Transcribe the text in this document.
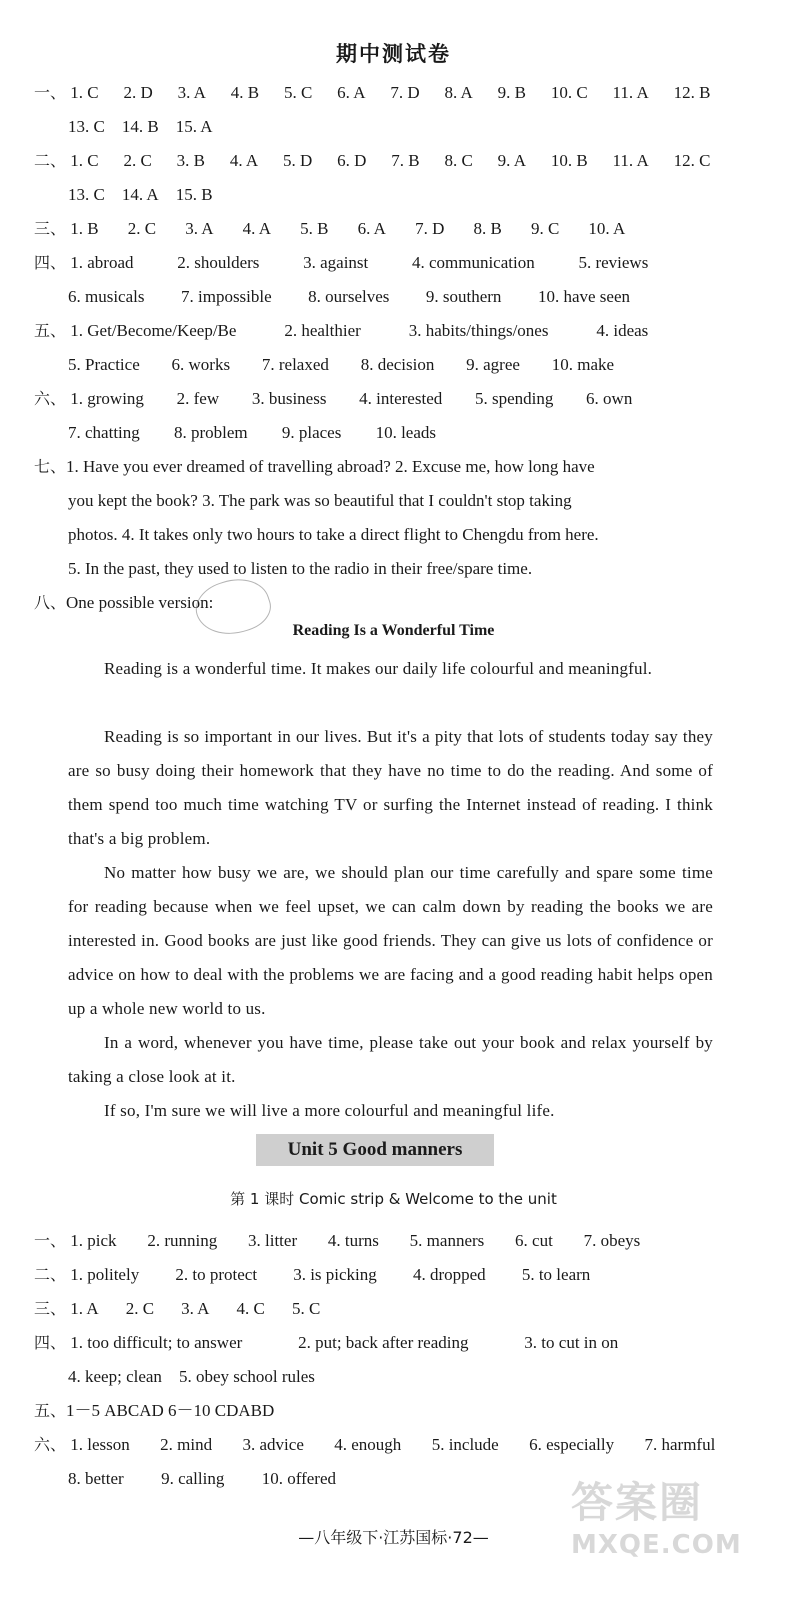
期中测试卷
一、 1. C 2. D 3. A 4. B 5. C 6. A 7. D 8. A 9. B 10. C 11. A 12. B
13. C 14. B 15. A
二、 1. C 2. C 3. B 4. A 5. D 6. D 7. B 8. C 9. A 10. B 11. A 12. C
13. C 14. A 15. B
三、 1. B 2. C 3. A 4. A 5. B 6. A 7. D 8. B 9. C 10. A
四、 1. abroad	2. shoulders	3. against	4. communication	5. reviews
6. musicals 7. impossible 8. ourselves 9. southern 10. have seen
五、 1. Get/Become/Keep/Be	2. healthier	3. habits/things/ones	4. ideas
5. Practice 6. works 7. relaxed 8. decision 9. agree 10. make
六、 1. growing 2. few 3. business 4. interested 5. spending 6. own
7. chatting 8. problem 9. places 10. leads
七、1. Have you ever dreamed of travelling abroad? 2. Excuse me, how long have
you kept the book? 3. The park was so beautiful that I couldn't stop taking
photos. 4. It takes only two hours to take a direct flight to Chengdu from here.
5. In the past, they used to listen to the radio in their free/spare time.
八、One possible version:
Reading Is a Wonderful Time
Reading is a wonderful time. It makes our daily life colourful and meaningful.
Reading is so important in our lives. But it's a pity that lots of students today say they are so busy doing their homework that they have no time to do the reading. And some of them spend too much time watching TV or surfing the Internet instead of reading. I think that's a big problem.
No matter how busy we are, we should plan our time carefully and spare some time for reading because when we feel upset, we can calm down by reading the books we are interested in. Good books are just like good friends. They can give us lots of confidence or advice on how to deal with the problems we are facing and a good reading habit helps open up a whole new world to us.
In a word, whenever you have time, please take out your book and relax yourself by taking a close look at it.
If so, I'm sure we will live a more colourful and meaningful life.
Unit 5 Good manners
第 1 课时 Comic strip & Welcome to the unit
一、 1. pick 2. running 3. litter 4. turns 5. manners 6. cut 7. obeys
二、 1. politely 2. to protect 3. is picking 4. dropped 5. to learn
三、 1. A 2. C 3. A 4. C 5. C
四、 1. too difficult; to answer	2. put; back after reading	3. to cut in on
4. keep; clean 5. obey school rules
五、1－5 ABCAD 6－10 CDABD
六、 1. lesson 2. mind 3. advice 4. enough 5. include 6. especially 7. harmful
8. better 9. calling 10. offered
—八年级下·江苏国标·72—
答案圈
MXQE.COM
